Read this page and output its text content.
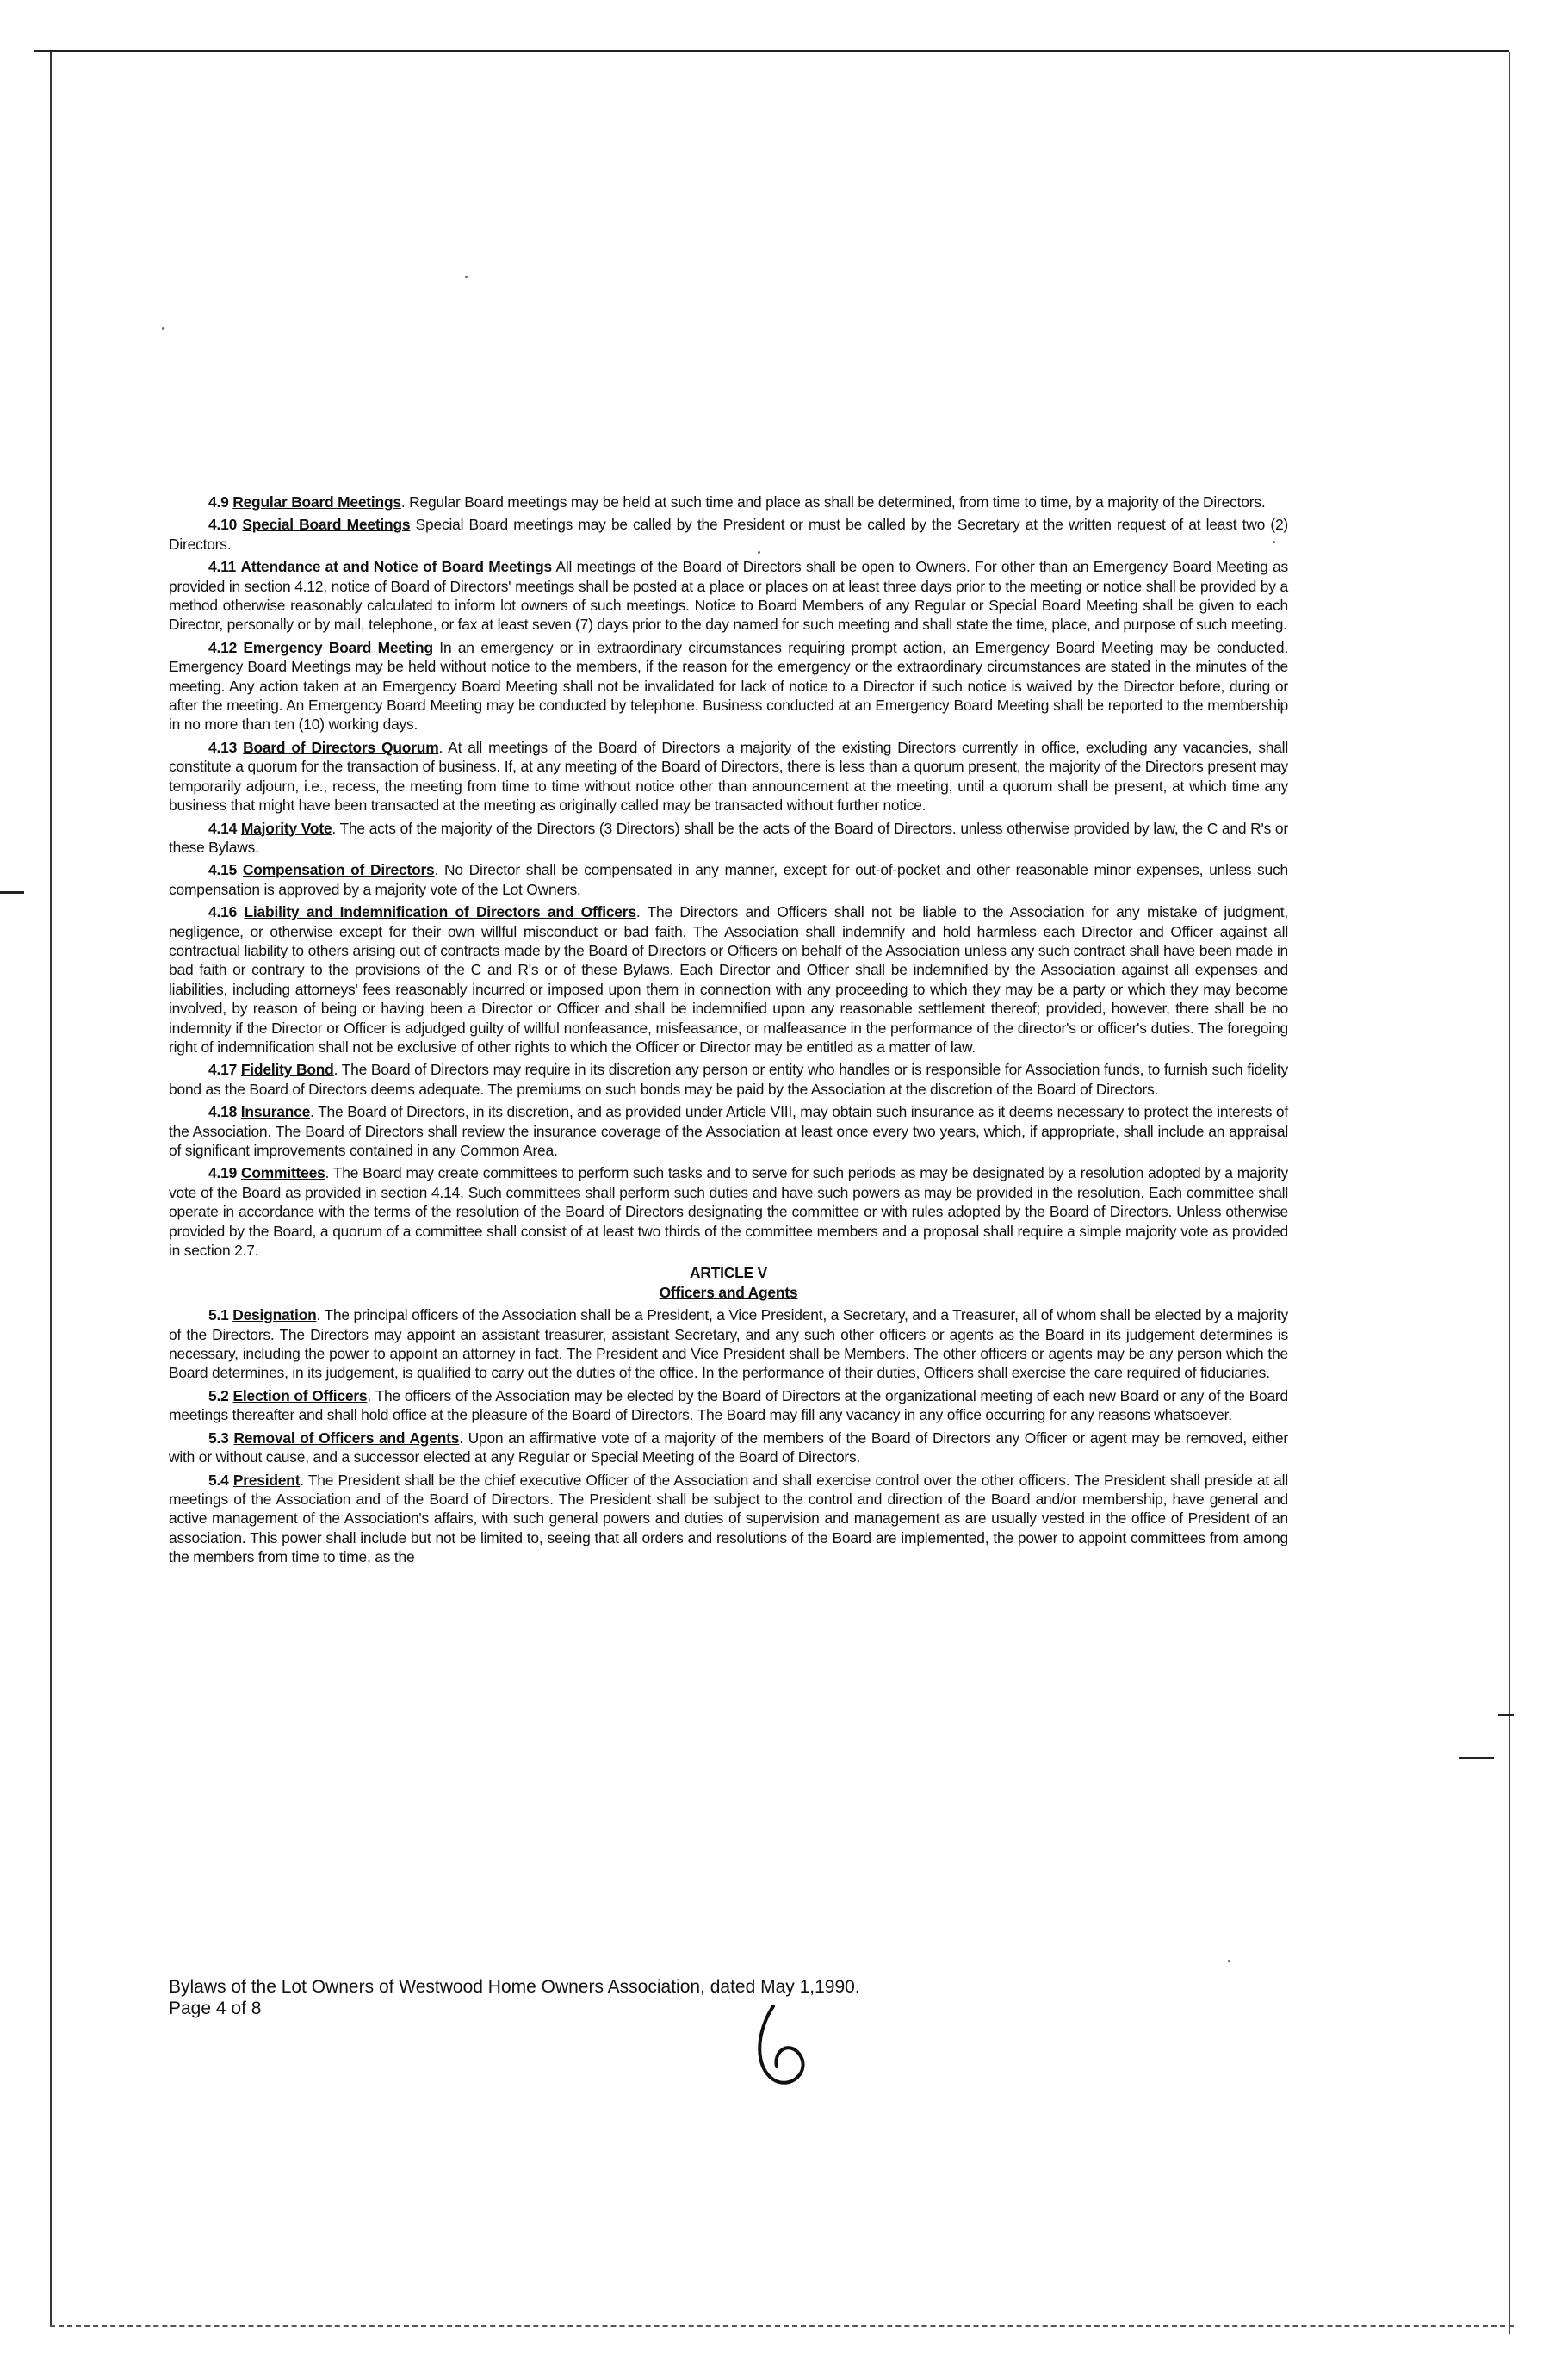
4.9 Regular Board Meetings. Regular Board meetings may be held at such time and place as shall be determined, from time to time, by a majority of the Directors.

4.10 Special Board Meetings Special Board meetings may be called by the President or must be called by the Secretary at the written request of at least two (2) Directors.

4.11 Attendance at and Notice of Board Meetings All meetings of the Board of Directors shall be open to Owners. For other than an Emergency Board Meeting as provided in section 4.12, notice of Board of Directors' meetings shall be posted at a place or places on at least three days prior to the meeting or notice shall be provided by a method otherwise reasonably calculated to inform lot owners of such meetings. Notice to Board Members of any Regular or Special Board Meeting shall be given to each Director, personally or by mail, telephone, or fax at least seven (7) days prior to the day named for such meeting and shall state the time, place, and purpose of such meeting.

4.12 Emergency Board Meeting In an emergency or in extraordinary circumstances requiring prompt action, an Emergency Board Meeting may be conducted. Emergency Board Meetings may be held without notice to the members, if the reason for the emergency or the extraordinary circumstances are stated in the minutes of the meeting. Any action taken at an Emergency Board Meeting shall not be invalidated for lack of notice to a Director if such notice is waived by the Director before, during or after the meeting. An Emergency Board Meeting may be conducted by telephone. Business conducted at an Emergency Board Meeting shall be reported to the membership in no more than ten (10) working days.

4.13 Board of Directors Quorum. At all meetings of the Board of Directors a majority of the existing Directors currently in office, excluding any vacancies, shall constitute a quorum for the transaction of business. If, at any meeting of the Board of Directors, there is less than a quorum present, the majority of the Directors present may temporarily adjourn, i.e., recess, the meeting from time to time without notice other than announcement at the meeting, until a quorum shall be present, at which time any business that might have been transacted at the meeting as originally called may be transacted without further notice.

4.14 Majority Vote. The acts of the majority of the Directors (3 Directors) shall be the acts of the Board of Directors. unless otherwise provided by law, the C and R's or these Bylaws.

4.15 Compensation of Directors. No Director shall be compensated in any manner, except for out-of-pocket and other reasonable minor expenses, unless such compensation is approved by a majority vote of the Lot Owners.

4.16 Liability and Indemnification of Directors and Officers. The Directors and Officers shall not be liable to the Association for any mistake of judgment, negligence, or otherwise except for their own willful misconduct or bad faith. The Association shall indemnify and hold harmless each Director and Officer against all contractual liability to others arising out of contracts made by the Board of Directors or Officers on behalf of the Association unless any such contract shall have been made in bad faith or contrary to the provisions of the C and R's or of these Bylaws. Each Director and Officer shall be indemnified by the Association against all expenses and liabilities, including attorneys' fees reasonably incurred or imposed upon them in connection with any proceeding to which they may be a party or which they may become involved, by reason of being or having been a Director or Officer and shall be indemnified upon any reasonable settlement thereof; provided, however, there shall be no indemnity if the Director or Officer is adjudged guilty of willful nonfeasance, misfeasance, or malfeasance in the performance of the director's or officer's duties. The foregoing right of indemnification shall not be exclusive of other rights to which the Officer or Director may be entitled as a matter of law.

4.17 Fidelity Bond. The Board of Directors may require in its discretion any person or entity who handles or is responsible for Association funds, to furnish such fidelity bond as the Board of Directors deems adequate. The premiums on such bonds may be paid by the Association at the discretion of the Board of Directors.

4.18 Insurance. The Board of Directors, in its discretion, and as provided under Article VIII, may obtain such insurance as it deems necessary to protect the interests of the Association. The Board of Directors shall review the insurance coverage of the Association at least once every two years, which, if appropriate, shall include an appraisal of significant improvements contained in any Common Area.

4.19 Committees. The Board may create committees to perform such tasks and to serve for such periods as may be designated by a resolution adopted by a majority vote of the Board as provided in section 4.14. Such committees shall perform such duties and have such powers as may be provided in the resolution. Each committee shall operate in accordance with the terms of the resolution of the Board of Directors designating the committee or with rules adopted by the Board of Directors. Unless otherwise provided by the Board, a quorum of a committee shall consist of at least two thirds of the committee members and a proposal shall require a simple majority vote as provided in section 2.7.

ARTICLE V
Officers and Agents

5.1 Designation. The principal officers of the Association shall be a President, a Vice President, a Secretary, and a Treasurer, all of whom shall be elected by a majority of the Directors. The Directors may appoint an assistant treasurer, assistant Secretary, and any such other officers or agents as the Board in its judgement determines is necessary, including the power to appoint an attorney in fact. The President and Vice President shall be Members. The other officers or agents may be any person which the Board determines, in its judgement, is qualified to carry out the duties of the office. In the performance of their duties, Officers shall exercise the care required of fiduciaries.

5.2 Election of Officers. The officers of the Association may be elected by the Board of Directors at the organizational meeting of each new Board or any of the Board meetings thereafter and shall hold office at the pleasure of the Board of Directors. The Board may fill any vacancy in any office occurring for any reasons whatsoever.

5.3 Removal of Officers and Agents. Upon an affirmative vote of a majority of the members of the Board of Directors any Officer or agent may be removed, either with or without cause, and a successor elected at any Regular or Special Meeting of the Board of Directors.

5.4 President. The President shall be the chief executive Officer of the Association and shall exercise control over the other officers. The President shall preside at all meetings of the Association and of the Board of Directors. The President shall be subject to the control and direction of the Board and/or membership, have general and active management of the Association's affairs, with such general powers and duties of supervision and management as are usually vested in the office of President of an association. This power shall include but not be limited to, seeing that all orders and resolutions of the Board are implemented, the power to appoint committees from among the members from time to time, as the

Bylaws of the Lot Owners of Westwood Home Owners Association, dated May 1,1990.
Page 4 of 8
